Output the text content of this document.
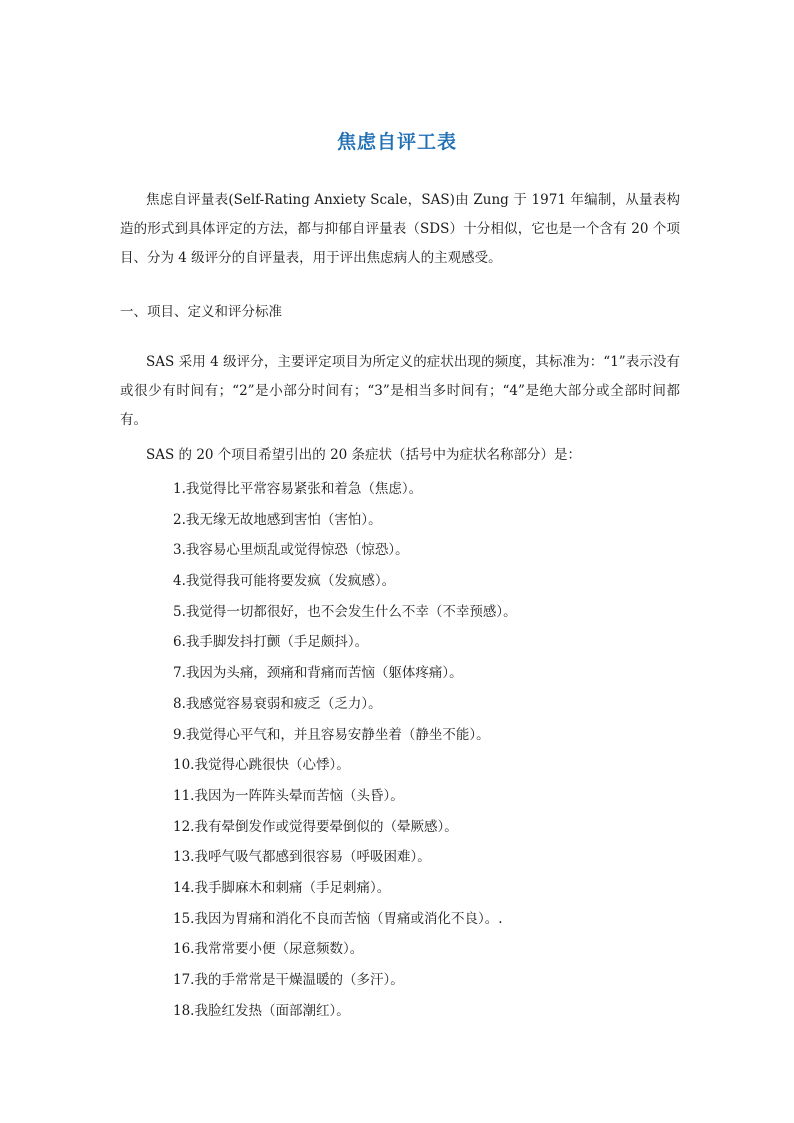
焦虑自评工表

焦虑自评量表(Self-Rating Anxiety Scale，SAS)由 Zung 于 1971 年编制，从量表构造的形式到具体评定的方法，都与抑郁自评量表（SDS）十分相似，它也是一个含有 20 个项目、分为 4 级评分的自评量表，用于评出焦虑病人的主观感受。

一、项目、定义和评分标准

SAS 采用 4 级评分，主要评定项目为所定义的症状出现的频度，其标准为：“1”表示没有或很少有时间有；“2”是小部分时间有；“3”是相当多时间有；“4”是绝大部分或全部时间都有。

SAS 的 20 个项目希望引出的 20 条症状（括号中为症状名称部分）是：

1.我觉得比平常容易紧张和着急（焦虑）。
2.我无缘无故地感到害怕（害怕）。
3.我容易心里烦乱或觉得惊恐（惊恐）。
4.我觉得我可能将要发疯（发疯感）。
5.我觉得一切都很好，也不会发生什么不幸（不幸预感）。
6.我手脚发抖打颤（手足颇抖）。
7.我因为头痛，颈痛和背痛而苦恼（躯体疼痛）。
8.我感觉容易衰弱和疲乏（乏力）。
9.我觉得心平气和，并且容易安静坐着（静坐不能）。
10.我觉得心跳很快（心悸）。
11.我因为一阵阵头晕而苦恼（头昏）。
12.我有晕倒发作或觉得要晕倒似的（晕厥感）。
13.我呼气吸气都感到很容易（呼吸困难）。
14.我手脚麻木和刺痛（手足刺痛）。
15.我因为胃痛和消化不良而苦恼（胃痛或消化不良）。.
16.我常常要小便（尿意频数）。
17.我的手常常是干燥温暖的（多汗）。
18.我脸红发热（面部潮红）。
